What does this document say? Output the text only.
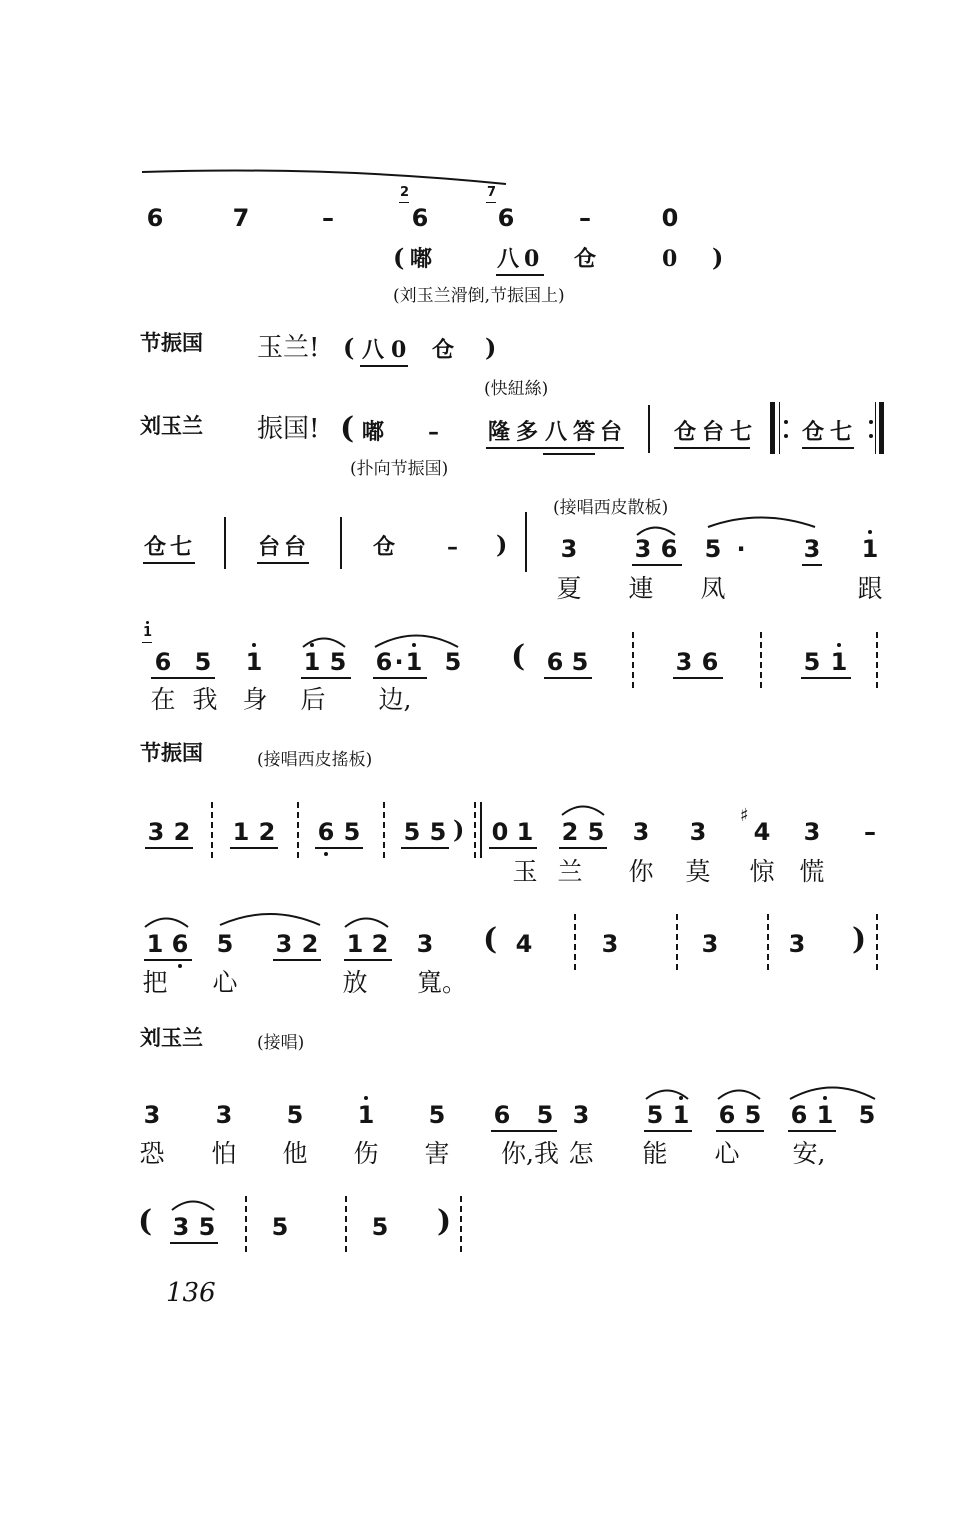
6	7	–
2
6
7
6	–	0
( 嘟	八 0 仓	0 )
(刘玉兰滑倒,节振国上)
节振国 玉兰! ( 八 0 仓 )
(快紐絲)
刘玉兰 振国! ( 嘟 – 隆 多 八 答 台 仓 台 七 仓 七
(扑向节振国)
(接唱西皮散板)
仓 七	台 台	仓 – )	3	3 6	5 ·	3	1
夏	連	凤	跟
1
6 5	1	1 5	6 · 1 5	( 6 5	3 6	5 1
在 我 身	后	边,
节振国	(接唱西皮搖板)
3 2	1 2	6 5	5 5 )	0 1	2 5	3	3
♯
4	3	–
玉 兰	你	莫	惊 慌
1 6	5	3 2	1 2	3	( 4	3	3	3	)
把	心	放	寬。
刘玉兰	(接唱)
3	3	5	1	5	6	5 3	5 1	6 5	6 1	5
恐	怕	他	伤	害	你,我 怎	能	心	安,
( 3 5	5	5	)
136
